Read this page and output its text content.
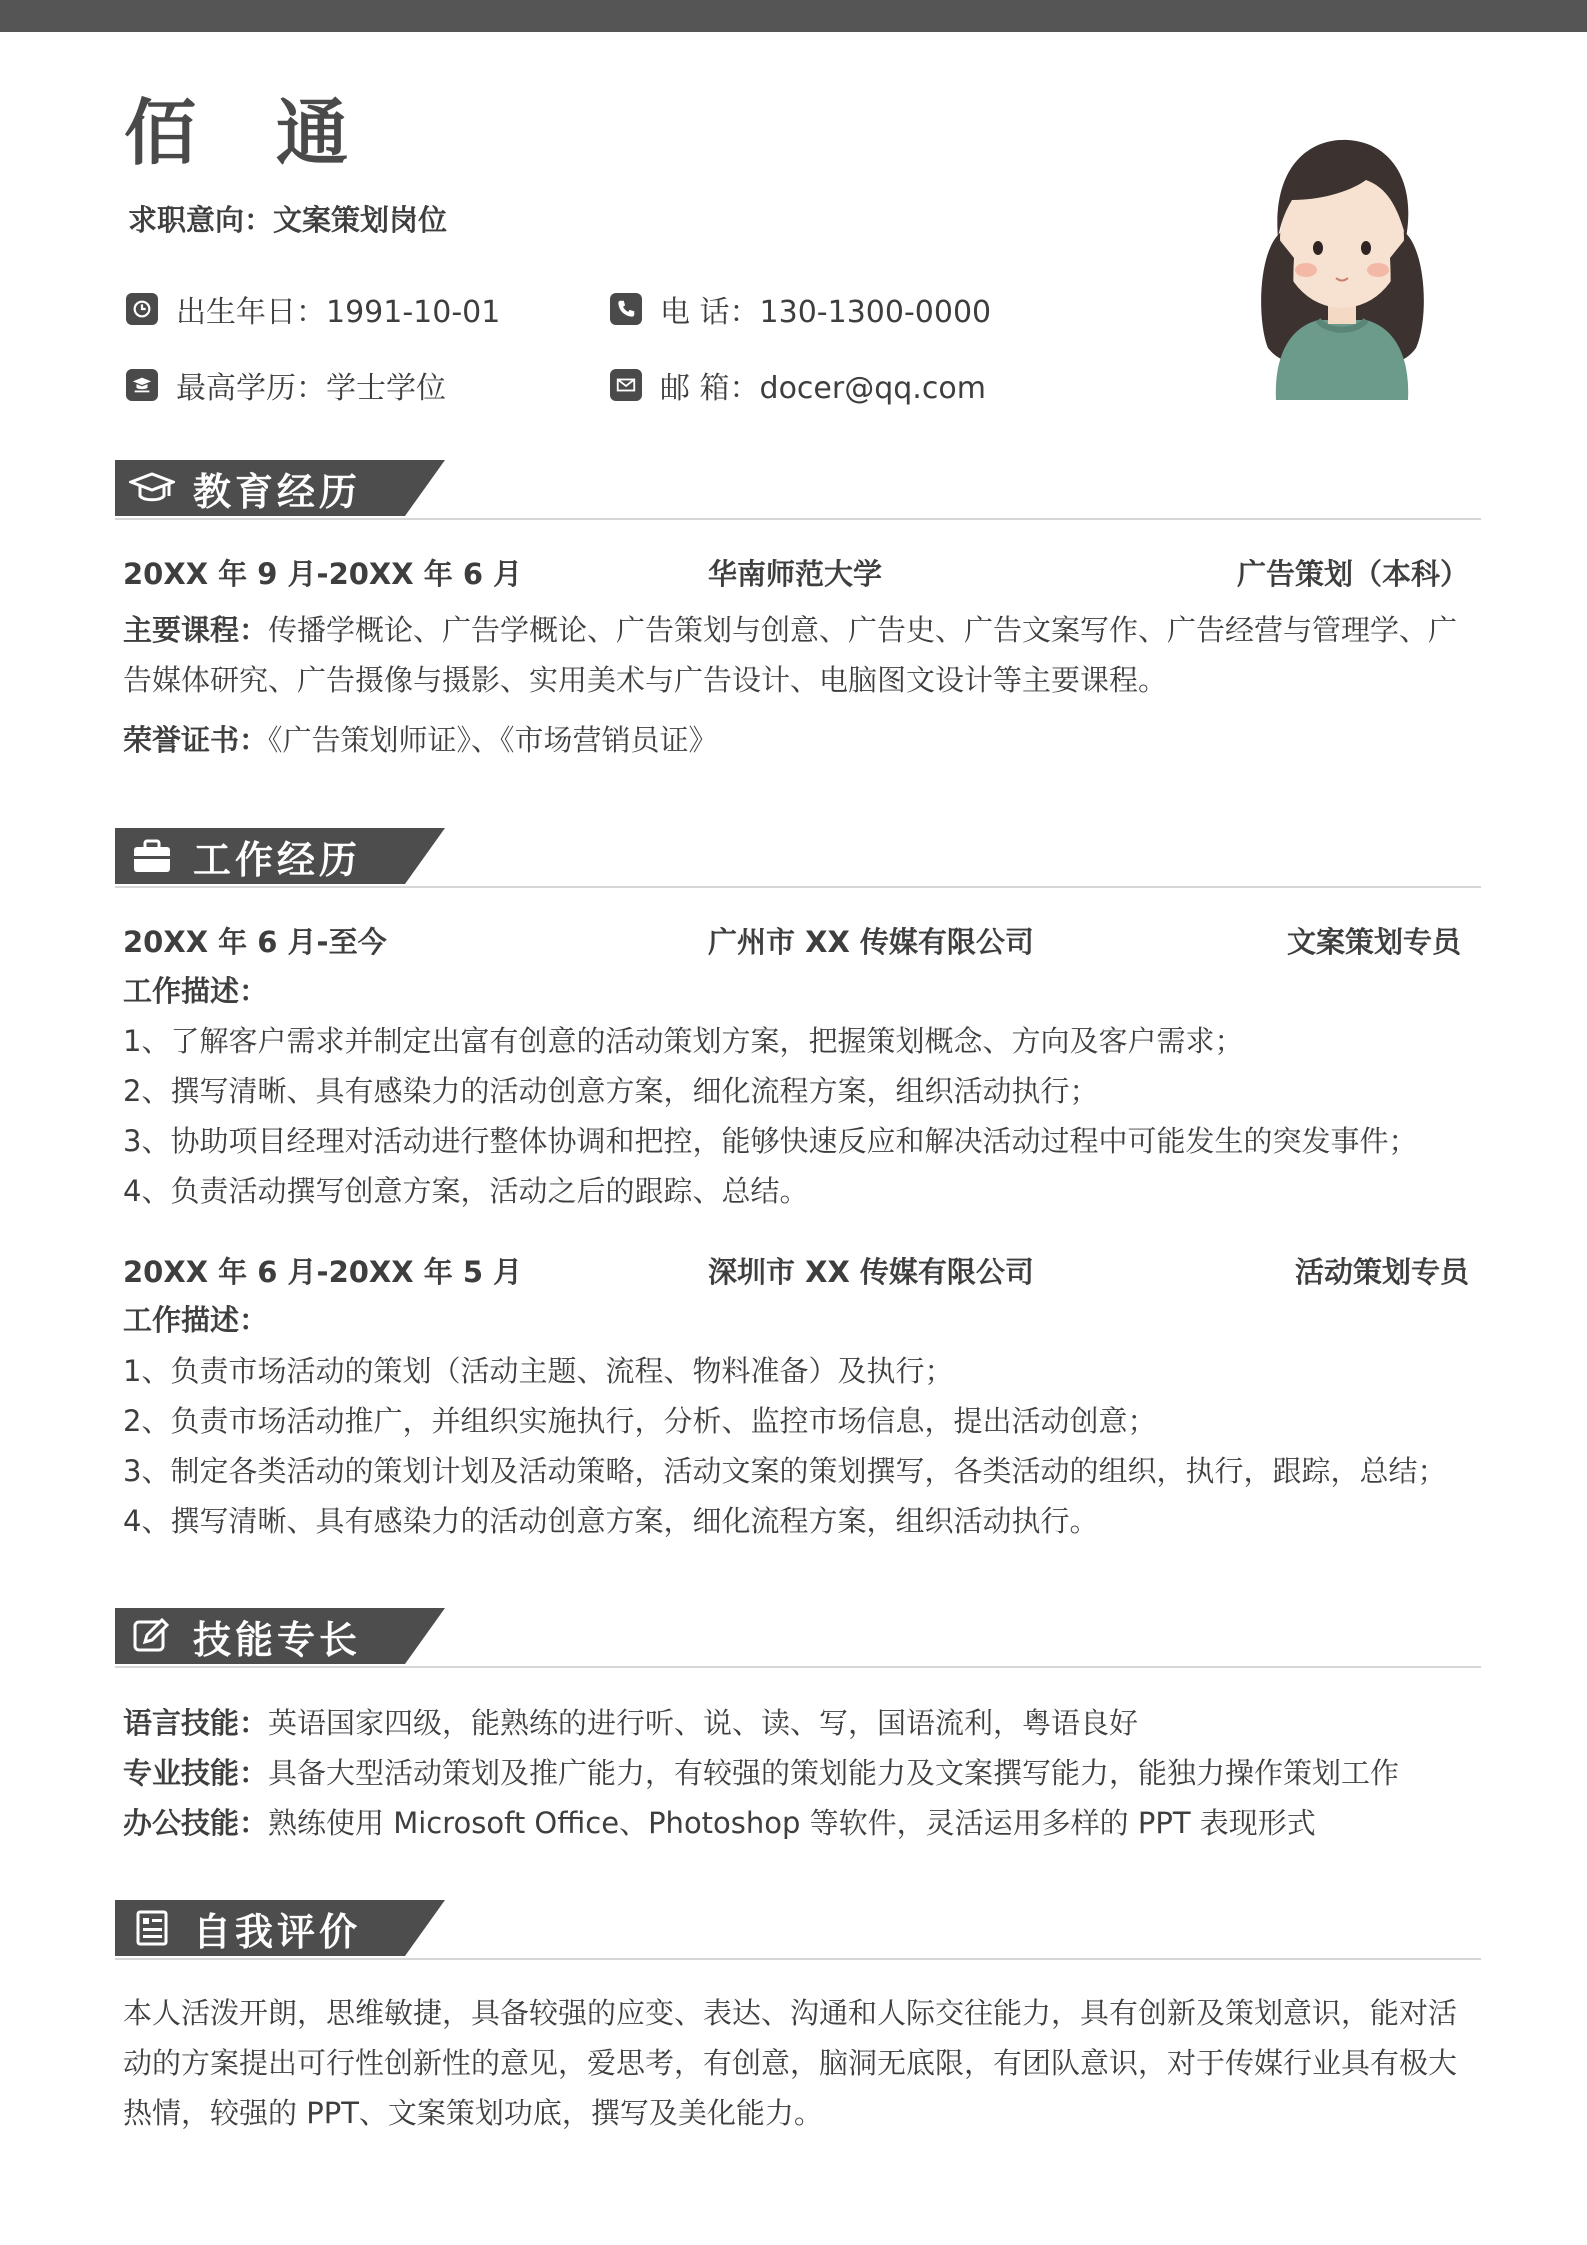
佰通
求职意向：文案策划岗位
出生年日：1991-10-01	电 话：130-1300-0000
最高学历：学士学位	邮 箱：docer@qq.com
教育经历
20XX 年 9 月-20XX 年 6 月	华南师范大学	广告策划（本科）
主要课程：传播学概论、广告学概论、广告策划与创意、广告史、广告文案写作、广告经营与管理学、广告媒体研究、广告摄像与摄影、实用美术与广告设计、电脑图文设计等主要课程。
荣誉证书：《广告策划师证》、《市场营销员证》
工作经历
20XX 年 6 月-至今	广州市 XX 传媒有限公司	文案策划专员
工作描述：
1、了解客户需求并制定出富有创意的活动策划方案，把握策划概念、方向及客户需求；
2、撰写清晰、具有感染力的活动创意方案，细化流程方案，组织活动执行；
3、协助项目经理对活动进行整体协调和把控，能够快速反应和解决活动过程中可能发生的突发事件；
4、负责活动撰写创意方案，活动之后的跟踪、总结。
20XX 年 6 月-20XX 年 5 月	深圳市 XX 传媒有限公司	活动策划专员
工作描述：
1、负责市场活动的策划（活动主题、流程、物料准备）及执行；
2、负责市场活动推广，并组织实施执行，分析、监控市场信息，提出活动创意；
3、制定各类活动的策划计划及活动策略，活动文案的策划撰写，各类活动的组织，执行，跟踪，总结；
4、撰写清晰、具有感染力的活动创意方案，细化流程方案，组织活动执行。
技能专长
语言技能：英语国家四级，能熟练的进行听、说、读、写，国语流利，粤语良好
专业技能：具备大型活动策划及推广能力，有较强的策划能力及文案撰写能力，能独力操作策划工作
办公技能：熟练使用 Microsoft Office、Photoshop 等软件，灵活运用多样的 PPT 表现形式
自我评价
本人活泼开朗，思维敏捷，具备较强的应变、表达、沟通和人际交往能力，具有创新及策划意识，能对活动的方案提出可行性创新性的意见，爱思考，有创意，脑洞无底限，有团队意识，对于传媒行业具有极大热情，较强的 PPT、文案策划功底，撰写及美化能力。
